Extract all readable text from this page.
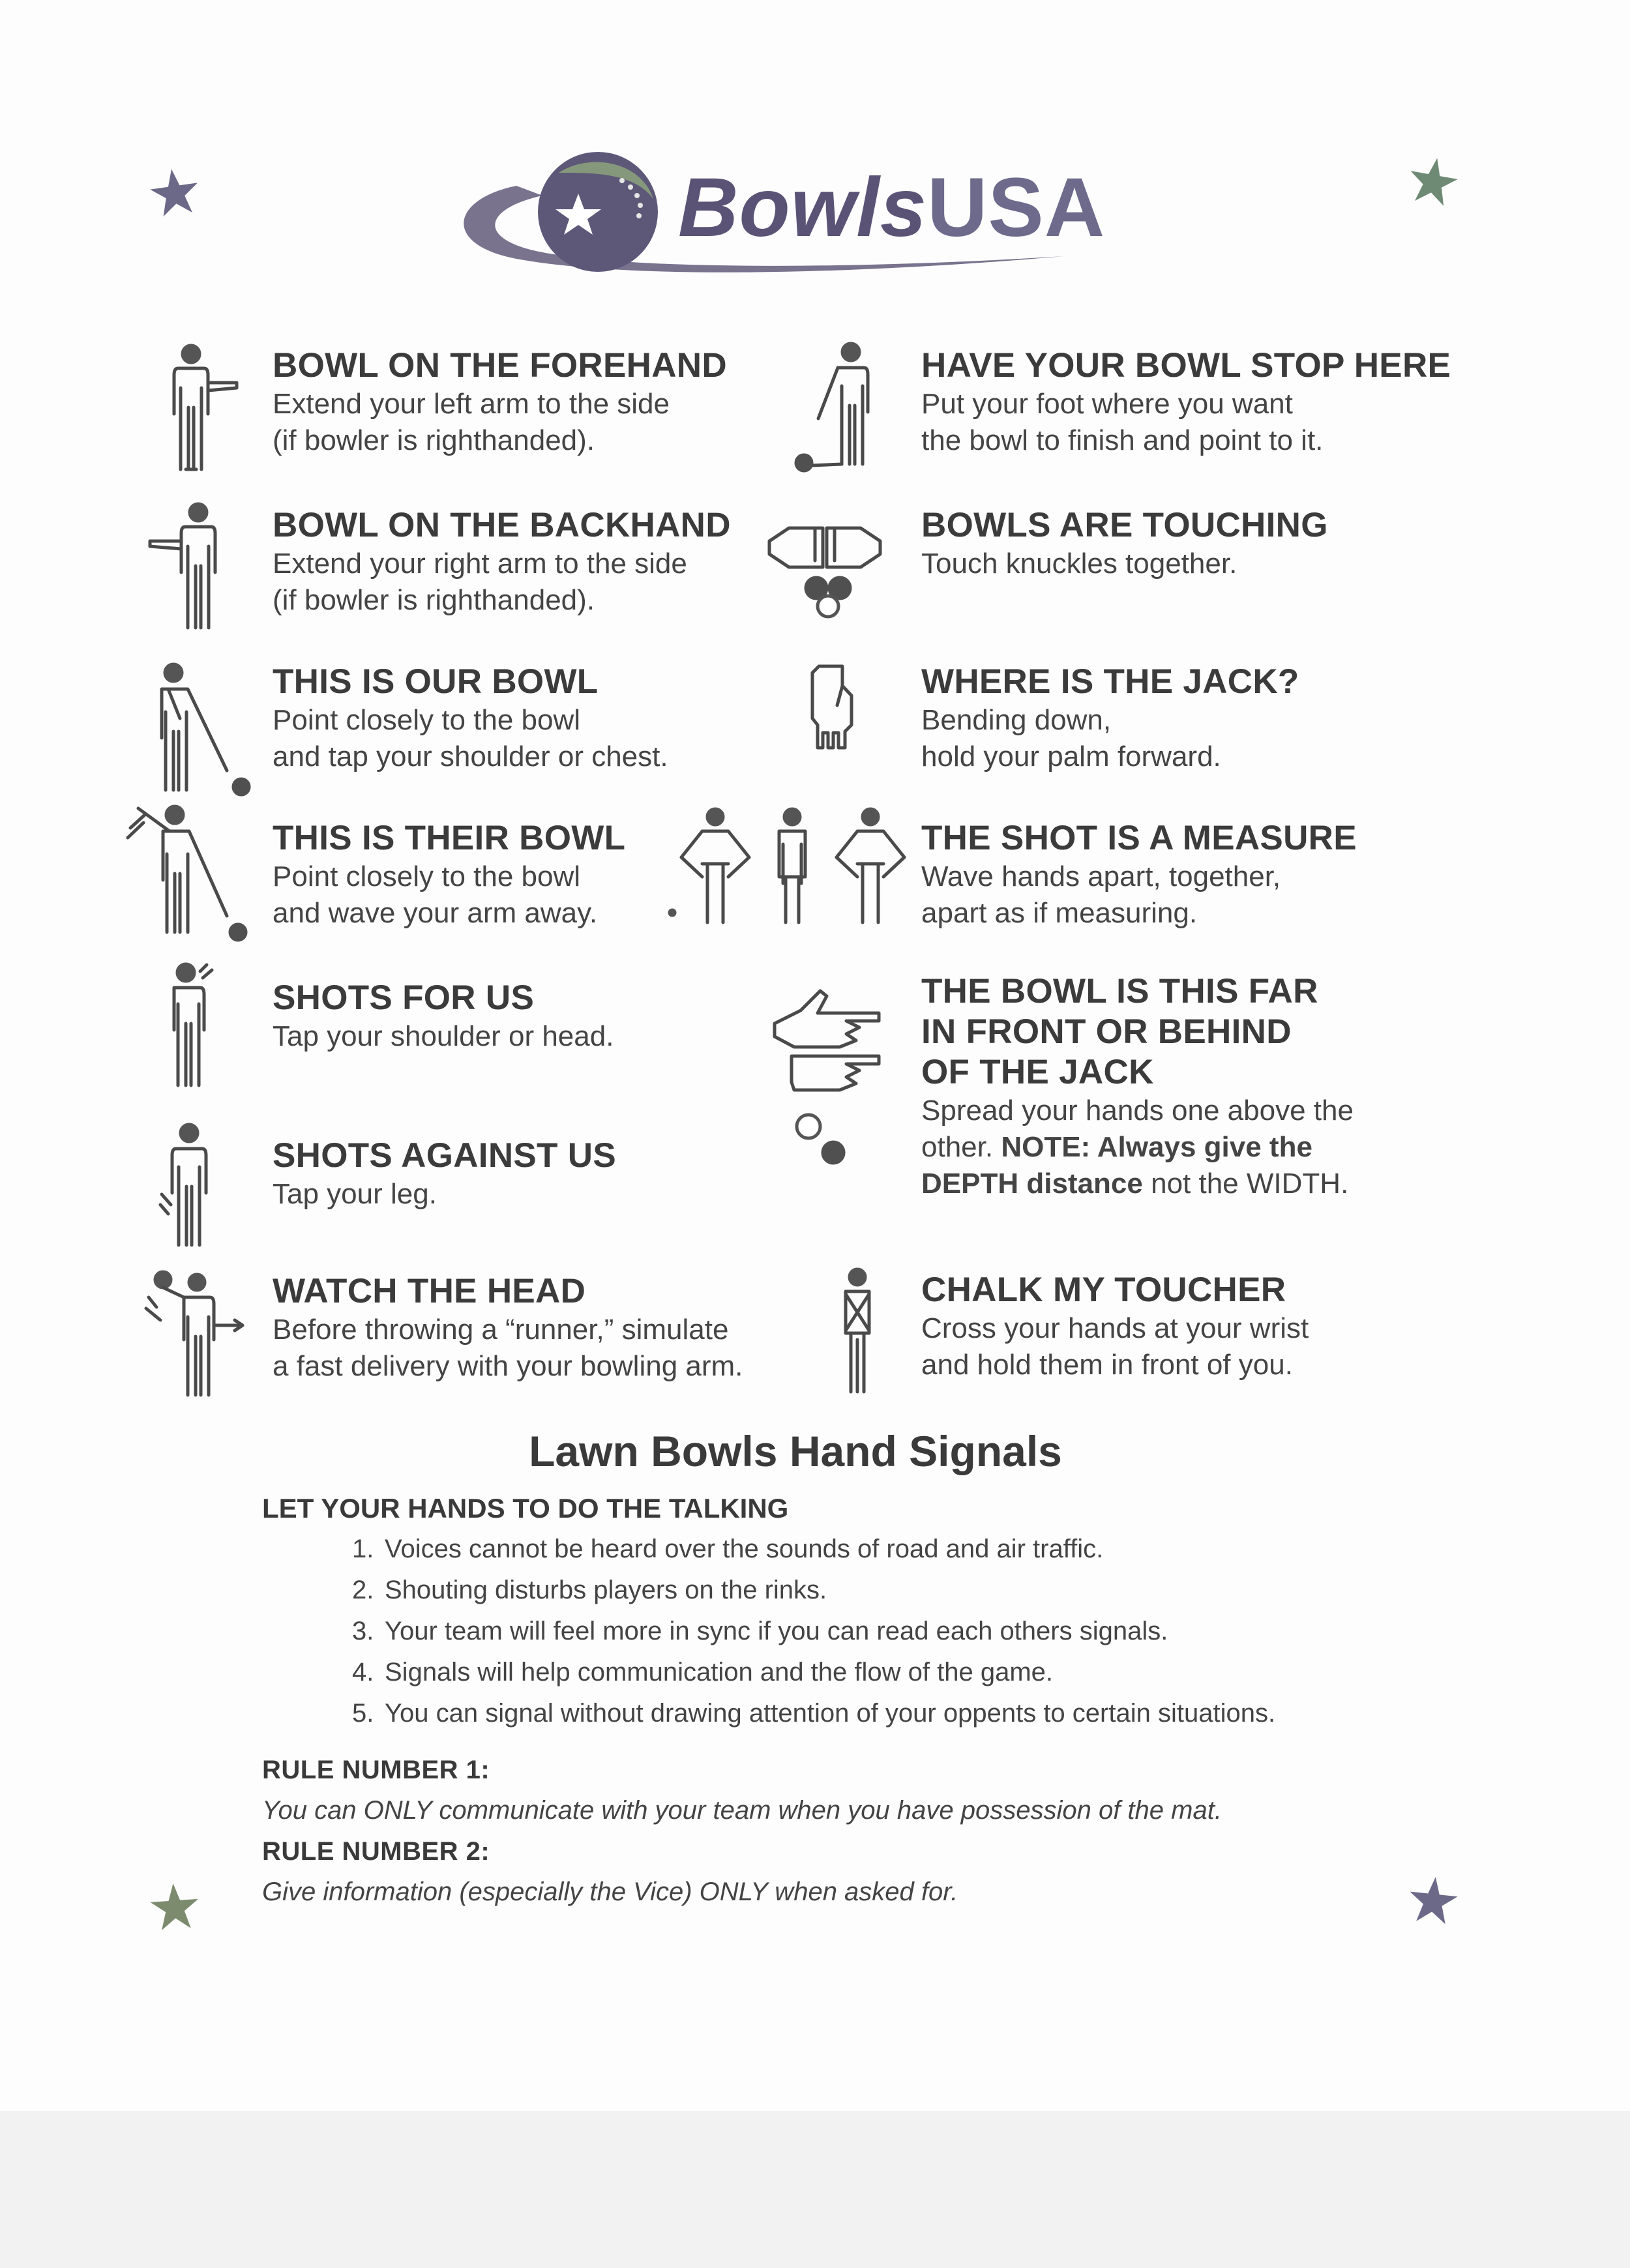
BowlsUSA
BOWL ON THE FOREHAND
Extend your left arm to the side
(if bowler is righthanded).
BOWL ON THE BACKHAND
Extend your right arm to the side
(if bowler is righthanded).
THIS IS OUR BOWL
Point closely to the bowl
and tap your shoulder or chest.
THIS IS THEIR BOWL
Point closely to the bowl
and wave your arm away.
SHOTS FOR US
Tap your shoulder or head.
SHOTS AGAINST US
Tap your leg.
WATCH THE HEAD
Before throwing a “runner,” simulate
a fast delivery with your bowling arm.
HAVE YOUR BOWL STOP HERE
Put your foot where you want
the bowl to finish and point to it.
BOWLS ARE TOUCHING
Touch knuckles together.
WHERE IS THE JACK?
Bending down,
hold your palm forward.
THE SHOT IS A MEASURE
Wave hands apart, together,
apart as if measuring.
THE BOWL IS THIS FAR
IN FRONT OR BEHIND
OF THE JACK
Spread your hands one above the
other. NOTE: Always give the
DEPTH distance not the WIDTH.
CHALK MY TOUCHER
Cross your hands at your wrist
and hold them in front of you.
Lawn Bowls Hand Signals
LET YOUR HANDS TO DO THE TALKING
1. Voices cannot be heard over the sounds of road and air traffic.
2. Shouting disturbs players on the rinks.
3. Your team will feel more in sync if you can read each others signals.
4. Signals will help communication and the flow of the game.
5. You can signal without drawing attention of your oppents to certain situations.
RULE NUMBER 1:
You can ONLY communicate with your team when you have possession of the mat.
RULE NUMBER 2:
Give information (especially the Vice) ONLY when asked for.
